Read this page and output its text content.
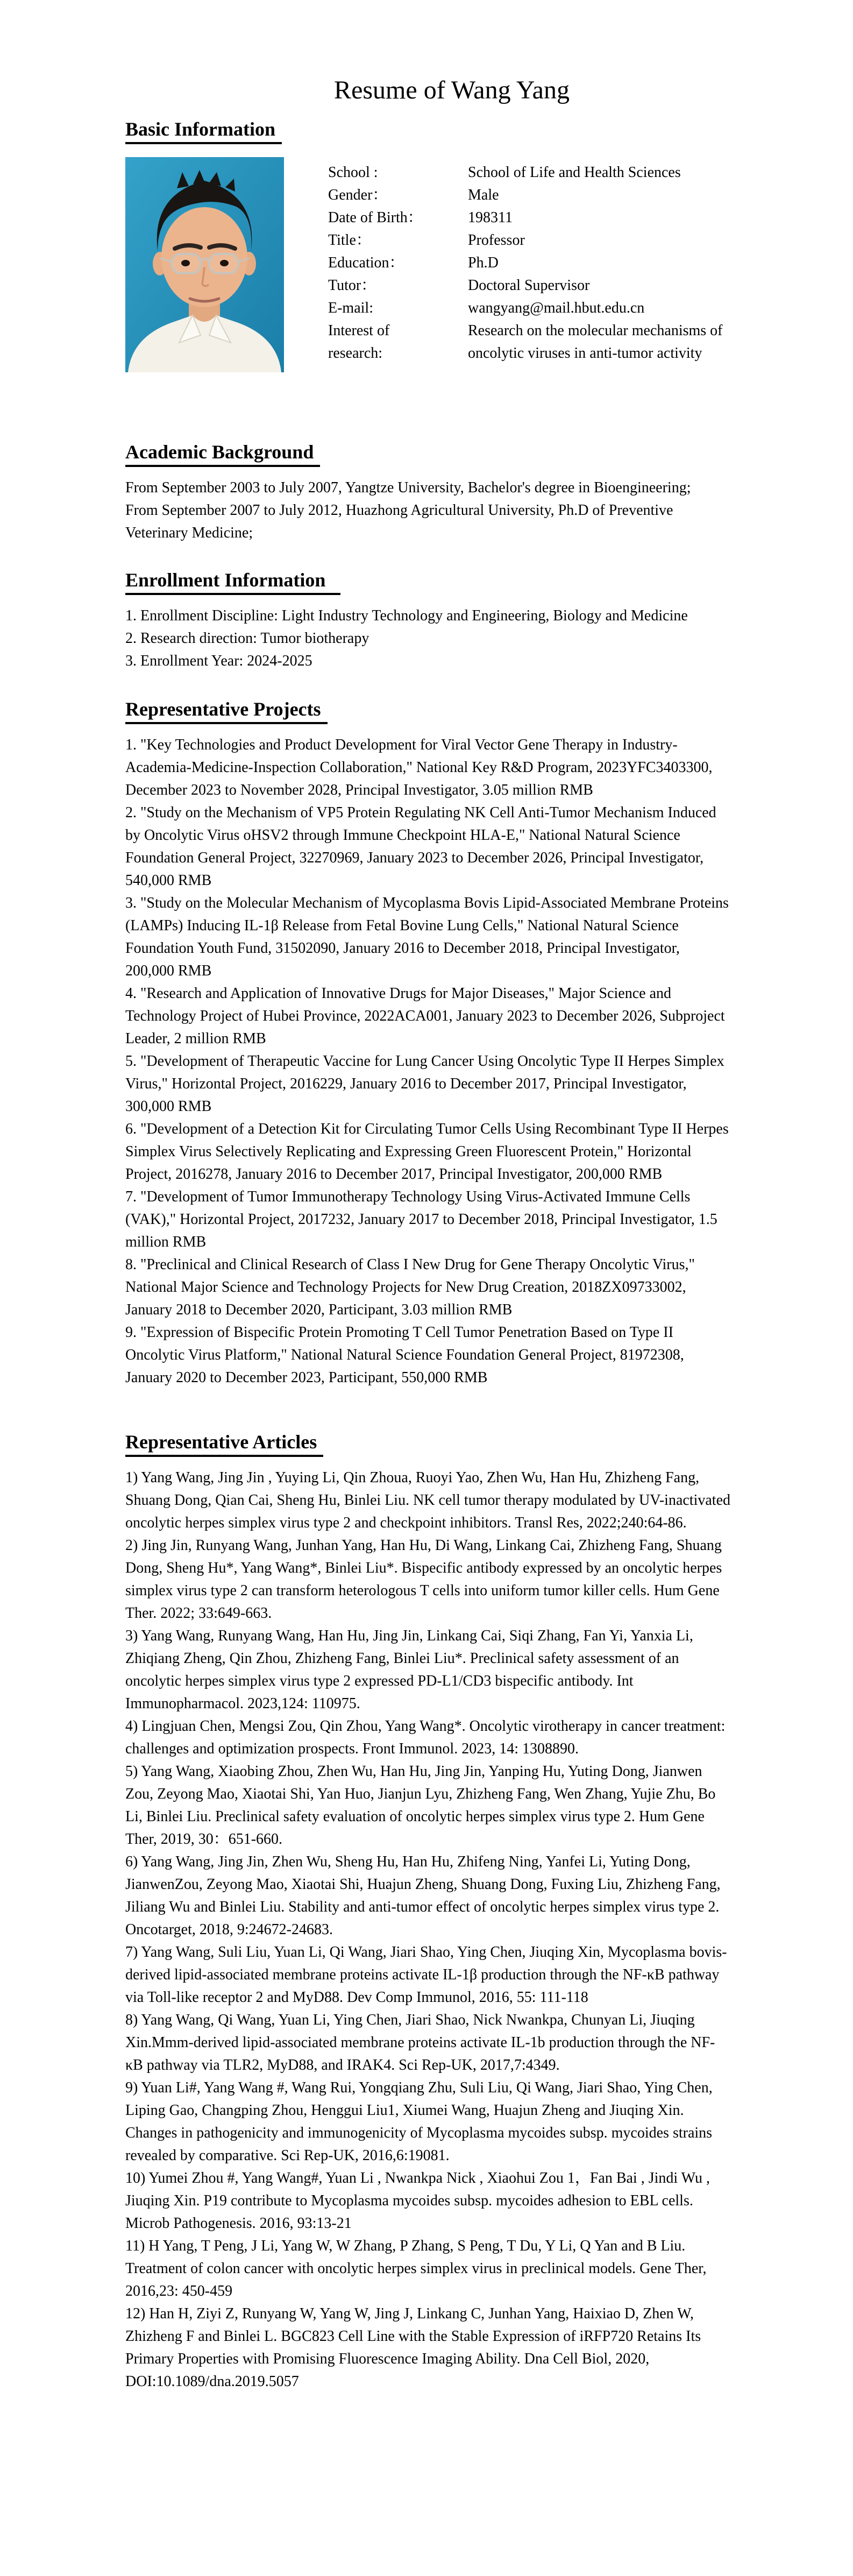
Resume of Wang Yang
Basic Information
School :	School of Life and Health Sciences
Gender：	Male
Date of Birth：	198311
Title：	Professor
Education：	Ph.D
Tutor：	Doctoral Supervisor
E-mail:	wangyang@mail.hbut.edu.cn
Interest of research:
Research on the molecular mechanisms of oncolytic viruses in anti-tumor activity
Academic Background

From September 2003 to July 2007, Yangtze University, Bachelor's degree in Bioengineering;

From September 2007 to July 2012, Huazhong Agricultural University, Ph.D of Preventive Veterinary Medicine;

Enrollment Information

1. Enrollment Discipline: Light Industry Technology and Engineering, Biology and Medicine

2. Research direction: Tumor biotherapy

3. Enrollment Year: 2024-2025

Representative Projects

1. "Key Technologies and Product Development for Viral Vector Gene Therapy in Industry-Academia-Medicine-Inspection Collaboration," National Key R&D Program, 2023YFC3403300, December 2023 to November 2028, Principal Investigator, 3.05 million RMB

2. "Study on the Mechanism of VP5 Protein Regulating NK Cell Anti-Tumor Mechanism Induced by Oncolytic Virus oHSV2 through Immune Checkpoint HLA-E," National Natural Science Foundation General Project, 32270969, January 2023 to December 2026, Principal Investigator, 540,000 RMB

3. "Study on the Molecular Mechanism of Mycoplasma Bovis Lipid-Associated Membrane Proteins (LAMPs) Inducing IL-1β Release from Fetal Bovine Lung Cells," National Natural Science Foundation Youth Fund, 31502090, January 2016 to December 2018, Principal Investigator, 200,000 RMB

4. "Research and Application of Innovative Drugs for Major Diseases," Major Science and Technology Project of Hubei Province, 2022ACA001, January 2023 to December 2026, Subproject Leader, 2 million RMB

5. "Development of Therapeutic Vaccine for Lung Cancer Using Oncolytic Type II Herpes Simplex Virus," Horizontal Project, 2016229, January 2016 to December 2017, Principal Investigator, 300,000 RMB

6. "Development of a Detection Kit for Circulating Tumor Cells Using Recombinant Type II Herpes Simplex Virus Selectively Replicating and Expressing Green Fluorescent Protein," Horizontal Project, 2016278, January 2016 to December 2017, Principal Investigator, 200,000 RMB

7. "Development of Tumor Immunotherapy Technology Using Virus-Activated Immune Cells (VAK)," Horizontal Project, 2017232, January 2017 to December 2018, Principal Investigator, 1.5 million RMB

8. "Preclinical and Clinical Research of Class I New Drug for Gene Therapy Oncolytic Virus," National Major Science and Technology Projects for New Drug Creation, 2018ZX09733002, January 2018 to December 2020, Participant, 3.03 million RMB

9. "Expression of Bispecific Protein Promoting T Cell Tumor Penetration Based on Type II Oncolytic Virus Platform," National Natural Science Foundation General Project, 81972308, January 2020 to December 2023, Participant, 550,000 RMB

Representative Articles

1) Yang Wang, Jing Jin , Yuying Li, Qin Zhoua, Ruoyi Yao, Zhen Wu, Han Hu, Zhizheng Fang, Shuang Dong, Qian Cai, Sheng Hu, Binlei Liu. NK cell tumor therapy modulated by UV-inactivated oncolytic herpes simplex virus type 2 and checkpoint inhibitors. Transl Res, 2022;240:64-86.

2) Jing Jin, Runyang Wang, Junhan Yang, Han Hu, Di Wang, Linkang Cai, Zhizheng Fang, Shuang Dong, Sheng Hu*, Yang Wang*, Binlei Liu*. Bispecific antibody expressed by an oncolytic herpes simplex virus type 2 can transform heterologous T cells into uniform tumor killer cells. Hum Gene Ther. 2022; 33:649-663.

3) Yang Wang, Runyang Wang, Han Hu, Jing Jin, Linkang Cai, Siqi Zhang, Fan Yi, Yanxia Li, Zhiqiang Zheng, Qin Zhou, Zhizheng Fang, Binlei Liu*. Preclinical safety assessment of an oncolytic herpes simplex virus type 2 expressed PD-L1/CD3 bispecific antibody. Int Immunopharmacol. 2023,124: 110975.

4) Lingjuan Chen, Mengsi Zou, Qin Zhou, Yang Wang*. Oncolytic virotherapy in cancer treatment: challenges and optimization prospects. Front Immunol. 2023, 14: 1308890.

5) Yang Wang, Xiaobing Zhou, Zhen Wu, Han Hu, Jing Jin, Yanping Hu, Yuting Dong, Jianwen Zou, Zeyong Mao, Xiaotai Shi, Yan Huo, Jianjun Lyu, Zhizheng Fang, Wen Zhang, Yujie Zhu, Bo Li, Binlei Liu. Preclinical safety evaluation of oncolytic herpes simplex virus type 2. Hum Gene Ther, 2019, 30：651-660.

6) Yang Wang, Jing Jin, Zhen Wu, Sheng Hu, Han Hu, Zhifeng Ning, Yanfei Li, Yuting Dong, JianwenZou, Zeyong Mao, Xiaotai Shi, Huajun Zheng, Shuang Dong, Fuxing Liu, Zhizheng Fang, Jiliang Wu and Binlei Liu. Stability and anti-tumor effect of oncolytic herpes simplex virus type 2. Oncotarget, 2018, 9:24672-24683.

7) Yang Wang, Suli Liu, Yuan Li, Qi Wang, Jiari Shao, Ying Chen, Jiuqing Xin, Mycoplasma bovis-derived lipid-associated membrane proteins activate IL-1β production through the NF-κB pathway via Toll-like receptor 2 and MyD88. Dev Comp Immunol, 2016, 55: 111-118

8) Yang Wang, Qi Wang, Yuan Li, Ying Chen, Jiari Shao, Nick Nwankpa, Chunyan Li, Jiuqing Xin.Mmm-derived lipid-associated membrane proteins activate IL-1b production through the NF-κB pathway via TLR2, MyD88, and IRAK4. Sci Rep-UK, 2017,7:4349.

9) Yuan Li#, Yang Wang #, Wang Rui, Yongqiang Zhu, Suli Liu, Qi Wang, Jiari Shao, Ying Chen, Liping Gao, Changping Zhou, Henggui Liu1, Xiumei Wang, Huajun Zheng and Jiuqing Xin. Changes in pathogenicity and immunogenicity of Mycoplasma mycoides subsp. mycoides strains revealed by comparative. Sci Rep-UK, 2016,6:19081.

10) Yumei Zhou #, Yang Wang#, Yuan Li , Nwankpa Nick , Xiaohui Zou 1，Fan Bai , Jindi Wu , Jiuqing Xin. P19 contribute to Mycoplasma mycoides subsp. mycoides adhesion to EBL cells. Microb Pathogenesis. 2016, 93:13-21

11) H Yang, T Peng, J Li, Yang W, W Zhang, P Zhang, S Peng, T Du, Y Li, Q Yan and B Liu. Treatment of colon cancer with oncolytic herpes simplex virus in preclinical models. Gene Ther, 2016,23: 450-459

12) Han H, Ziyi Z, Runyang W, Yang W, Jing J, Linkang C, Junhan Yang, Haixiao D, Zhen W, Zhizheng F and Binlei L. BGC823 Cell Line with the Stable Expression of iRFP720 Retains Its Primary Properties with Promising Fluorescence Imaging Ability. Dna Cell Biol, 2020, DOI:10.1089/dna.2019.5057
